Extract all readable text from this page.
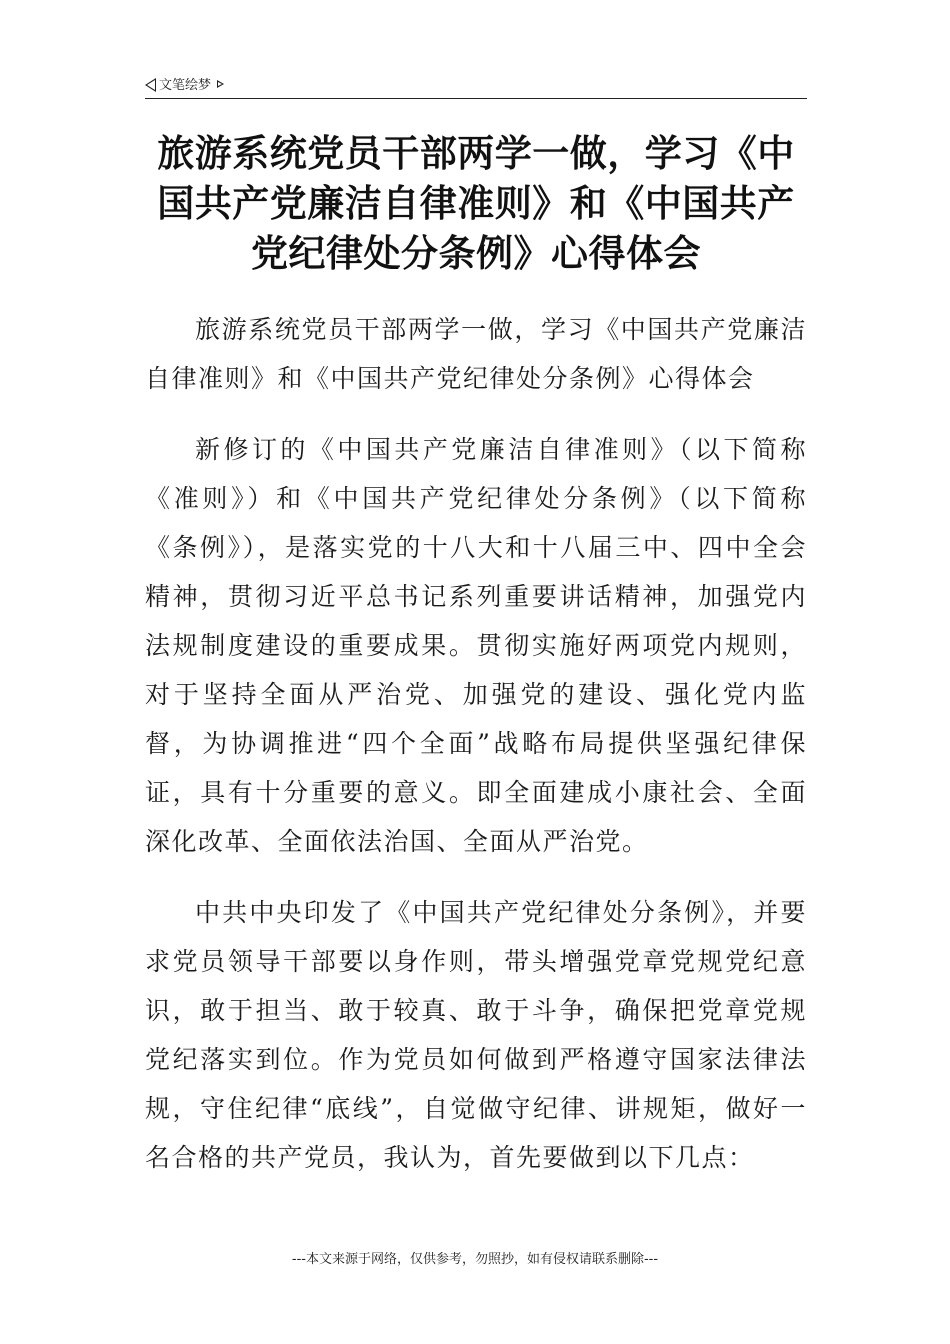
文笔绘梦
旅游系统党员干部两学一做，学习《中国共产党廉洁自律准则》和《中国共产党纪律处分条例》心得体会

旅游系统党员干部两学一做，学习《中国共产党廉洁自律准则》和《中国共产党纪律处分条例》心得体会

新修订的《中国共产党廉洁自律准则》（以下简称《准则》）和《中国共产党纪律处分条例》（以下简称《条例》），是落实党的十八大和十八届三中、四中全会精神，贯彻习近平总书记系列重要讲话精神，加强党内法规制度建设的重要成果。贯彻实施好两项党内规则，对于坚持全面从严治党、加强党的建设、强化党内监督，为协调推进“四个全面”战略布局提供坚强纪律保证，具有十分重要的意义。即全面建成小康社会、全面深化改革、全面依法治国、全面从严治党。

中共中央印发了《中国共产党纪律处分条例》，并要求党员领导干部要以身作则，带头增强党章党规党纪意识，敢于担当、敢于较真、敢于斗争，确保把党章党规党纪落实到位。作为党员如何做到严格遵守国家法律法规，守住纪律“底线”，自觉做守纪律、讲规矩，做好一名合格的共产党员，我认为，首先要做到以下几点：

---本文来源于网络，仅供参考，勿照抄，如有侵权请联系删除---
